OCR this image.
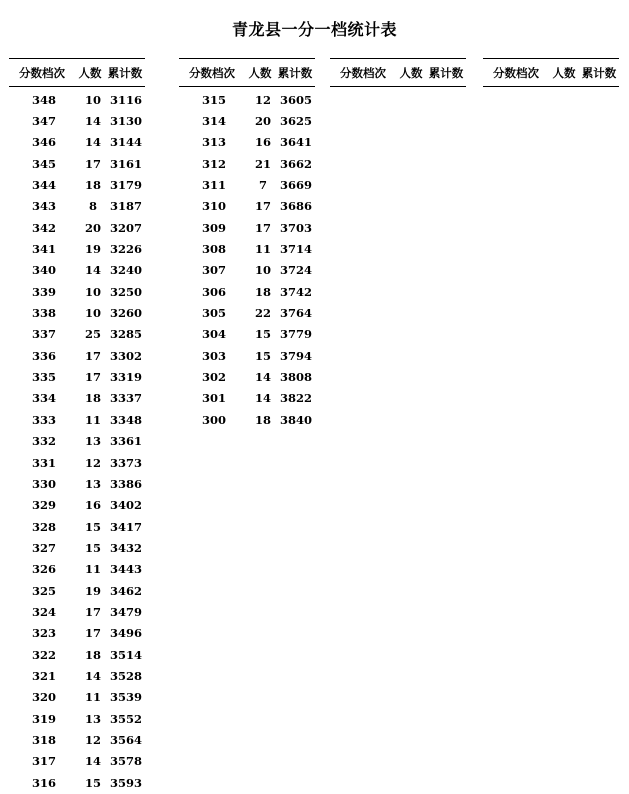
青龙县一分一档统计表
分数档次	人数 累计数
348	10 3116
347	14 3130
346	14 3144
345	17 3161
344	18 3179
343	8	3187
342	20 3207
341	19 3226
340	14 3240
339	10 3250
338	10 3260
337	25 3285
336	17 3302
335	17 3319
334	18 3337
333	11 3348
332	13 3361
331	12 3373
330	13 3386
329	16 3402
328	15 3417
327	15 3432
326	11 3443
325	19 3462
324	17 3479
323	17 3496
322	18 3514
321	14 3528
320	11 3539
319	13 3552
318	12 3564
317	14 3578
316	15 3593
分数档次	人数 累计数
315	12 3605
314	20 3625
313	16 3641
312	21 3662
311	7	3669
310	17 3686
309	17 3703
308	11 3714
307	10 3724
306	18 3742
305	22 3764
304	15 3779
303	15 3794
302	14 3808
301	14 3822
300	18 3840
分数档次	人数 累计数	分数档次	人数 累计数
